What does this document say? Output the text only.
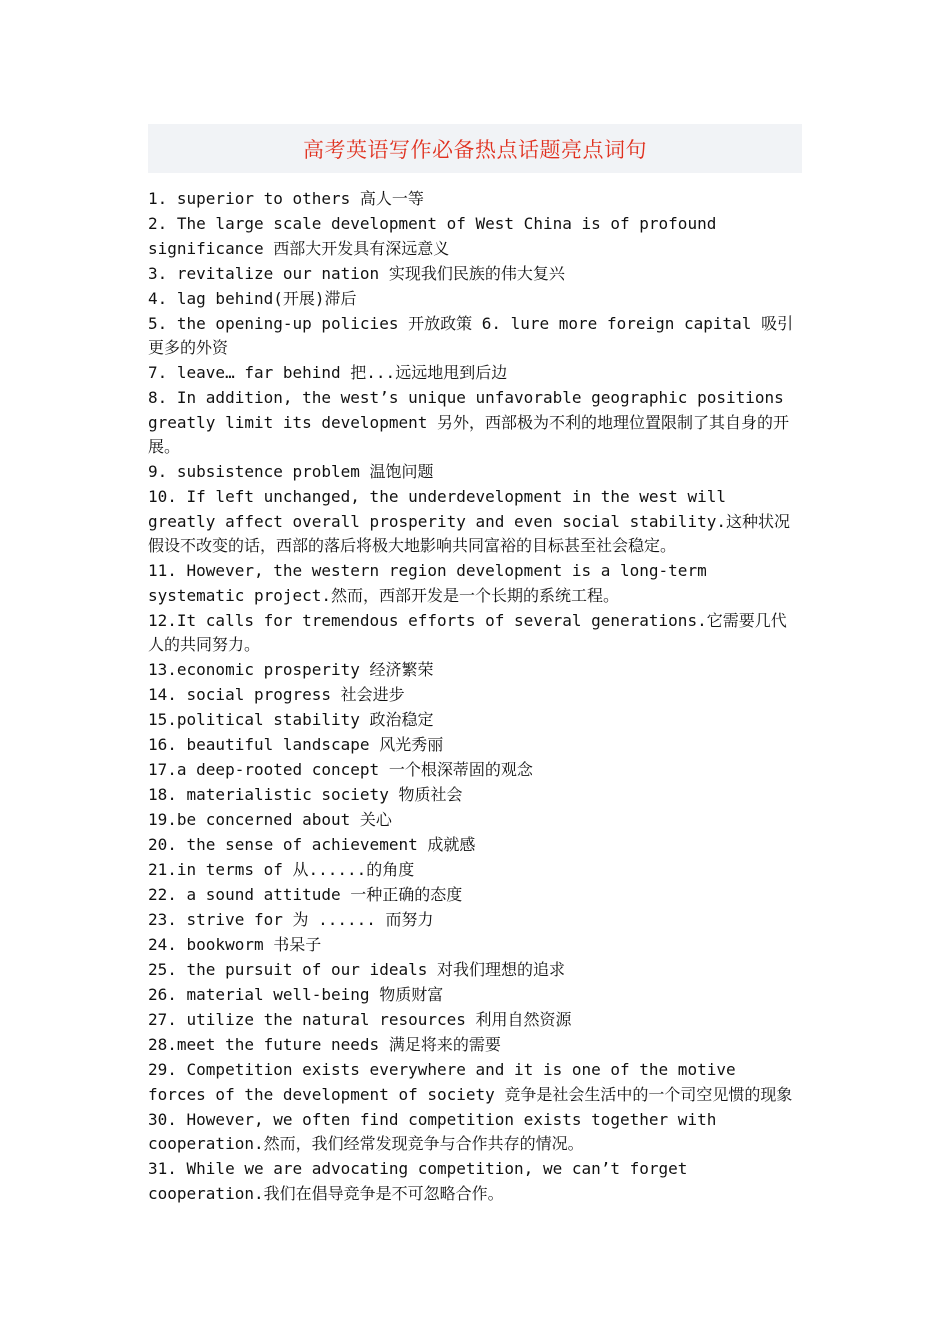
高考英语写作必备热点话题亮点词句

1. superior to others 高人一等

2. The large scale development of West China is of profound significance 西部大开发具有深远意义

3. revitalize our nation 实现我们民族的伟大复兴

4. lag behind(开展)滞后

5. the opening-up policies 开放政策 6. lure more foreign capital 吸引更多的外资

7. leave… far behind 把...远远地甩到后边

8. In addition, the west’s unique unfavorable geographic positions greatly limit its development 另外，西部极为不利的地理位置限制了其自身的开展。

9. subsistence problem 温饱问题

10. If left unchanged, the underdevelopment in the west will greatly affect overall prosperity and even social stability.这种状况假设不改变的话，西部的落后将极大地影响共同富裕的目标甚至社会稳定。

11. However, the western region development is a long-term systematic project.然而，西部开发是一个长期的系统工程。

12.It calls for tremendous efforts of several generations.它需要几代人的共同努力。

13.economic prosperity 经济繁荣

14. social progress 社会进步

15.political stability 政治稳定

16. beautiful landscape 风光秀丽

17.a deep-rooted concept 一个根深蒂固的观念

18. materialistic society 物质社会

19.be concerned about 关心

20. the sense of achievement 成就感

21.in terms of 从......的角度

22. a sound attitude 一种正确的态度

23. strive for 为 ...... 而努力

24. bookworm 书呆子

25. the pursuit of our ideals 对我们理想的追求

26. material well-being 物质财富

27. utilize the natural resources 利用自然资源

28.meet the future needs 满足将来的需要

29. Competition exists everywhere and it is one of the motive forces of the development of society 竞争是社会生活中的一个司空见惯的现象

30. However, we often find competition exists together with cooperation.然而，我们经常发现竞争与合作共存的情况。

31. While we are advocating competition, we can’t forget cooperation.我们在倡导竞争是不可忽略合作。
